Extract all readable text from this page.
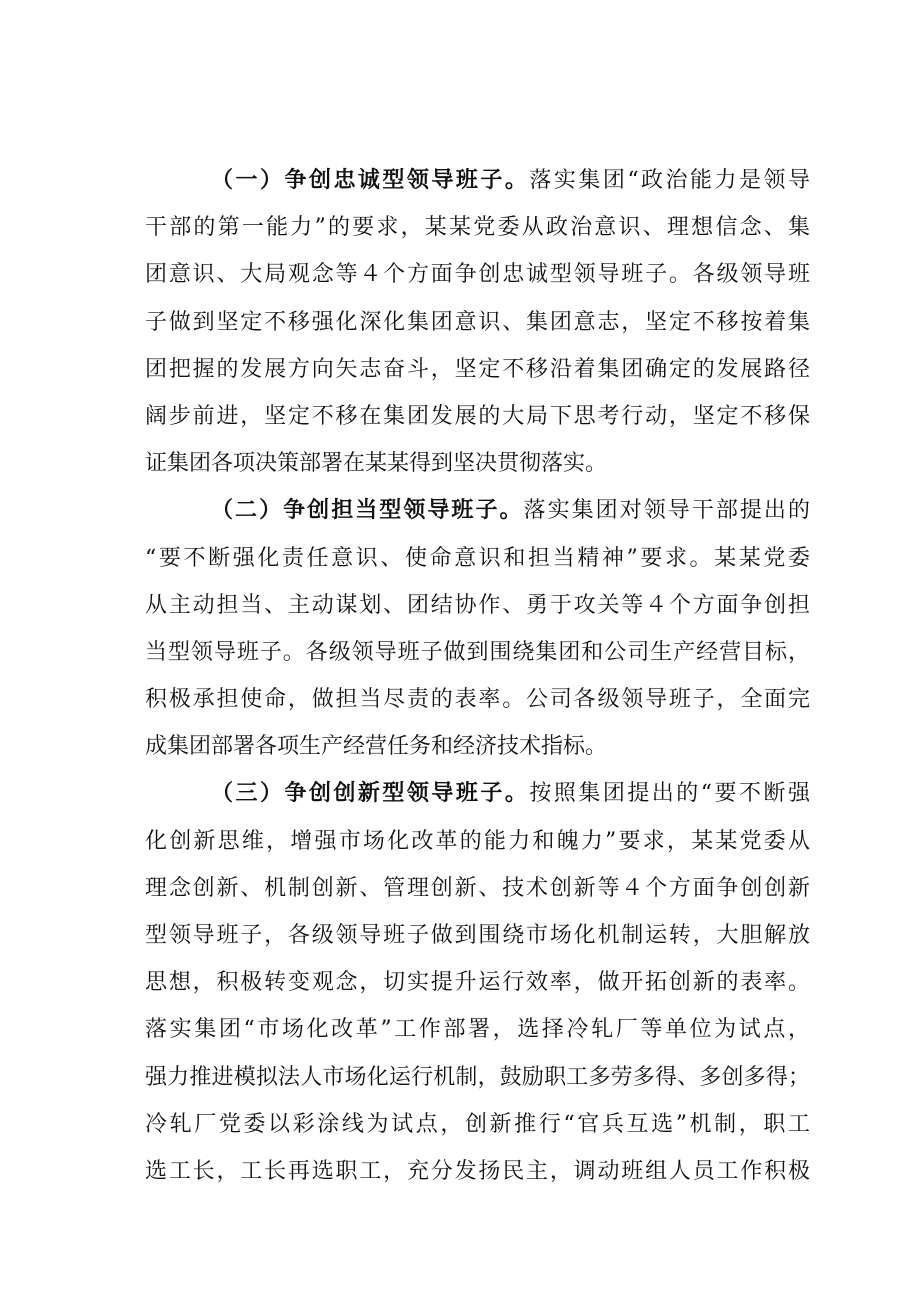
（一）争创忠诚型领导班子。落实集团“政治能力是领导
干部的第一能力”的要求，某某党委从政治意识、理想信念、集
团意识、大局观念等４个方面争创忠诚型领导班子。各级领导班
子做到坚定不移强化深化集团意识、集团意志，坚定不移按着集
团把握的发展方向矢志奋斗，坚定不移沿着集团确定的发展路径
阔步前进，坚定不移在集团发展的大局下思考行动，坚定不移保
证集团各项决策部署在某某得到坚决贯彻落实。
（二）争创担当型领导班子。落实集团对领导干部提出的
“要不断强化责任意识、使命意识和担当精神”要求。某某党委
从主动担当、主动谋划、团结协作、勇于攻关等４个方面争创担
当型领导班子。各级领导班子做到围绕集团和公司生产经营目标，
积极承担使命，做担当尽责的表率。公司各级领导班子，全面完
成集团部署各项生产经营任务和经济技术指标。
（三）争创创新型领导班子。按照集团提出的“要不断强
化创新思维，增强市场化改革的能力和魄力”要求，某某党委从
理念创新、机制创新、管理创新、技术创新等４个方面争创创新
型领导班子，各级领导班子做到围绕市场化机制运转，大胆解放
思想，积极转变观念，切实提升运行效率，做开拓创新的表率。
落实集团“市场化改革”工作部署，选择冷轧厂等单位为试点，
强力推进模拟法人市场化运行机制，鼓励职工多劳多得、多创多得；
冷轧厂党委以彩涂线为试点，创新推行“官兵互选”机制，职工
选工长，工长再选职工，充分发扬民主，调动班组人员工作积极
